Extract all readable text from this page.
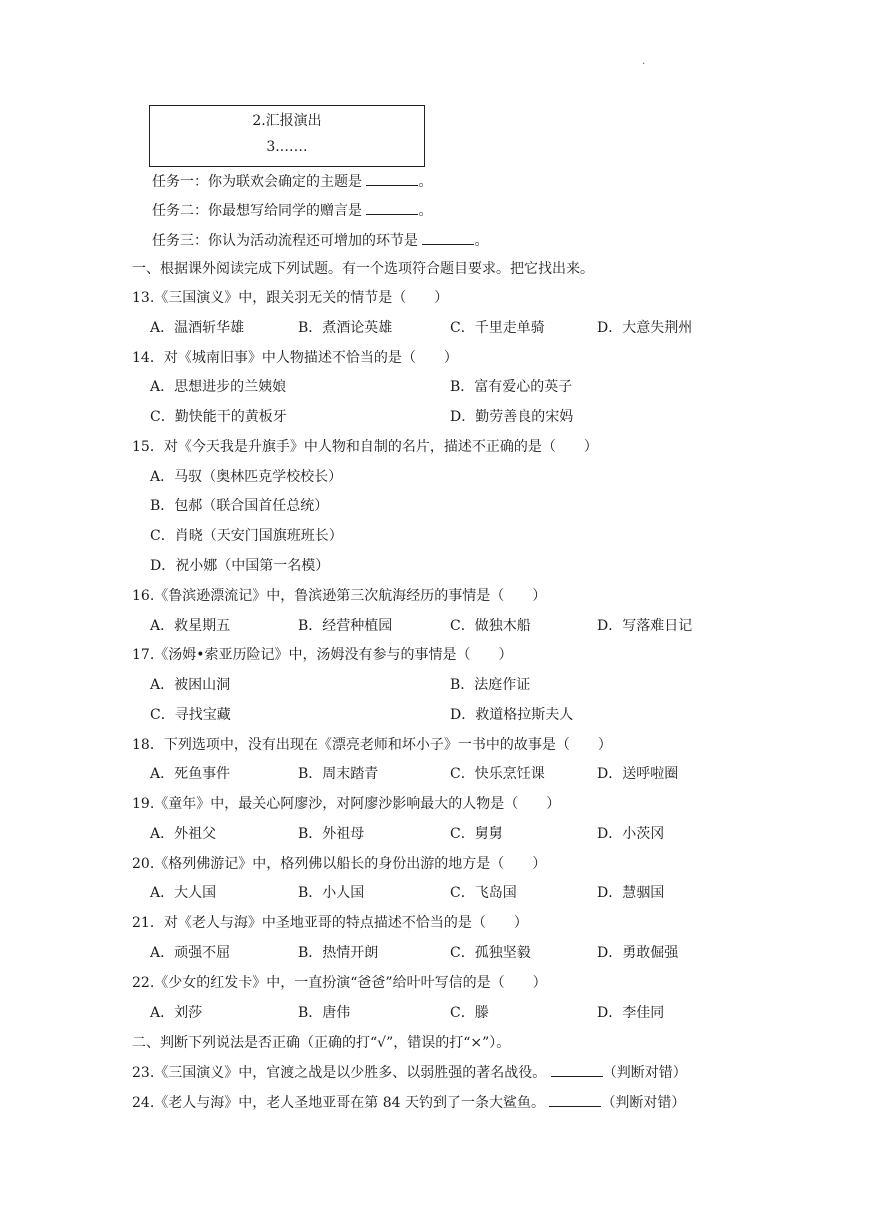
.
2.汇报演出
3.……
任务一：你为联欢会确定的主题是	。
任务二：你最想写给同学的赠言是	。
任务三：你认为活动流程还可增加的环节是	。
一、根据课外阅读完成下列试题。有一个选项符合题目要求。把它找出来。
13.《三国演义》中，跟关羽无关的情节是（　　）
A．温酒斩华雄	B．煮酒论英雄	C．千里走单骑	D．大意失荆州
14．对《城南旧事》中人物描述不恰当的是（　　）
A．思想进步的兰姨娘	B．富有爱心的英子
C．勤快能干的黄板牙	D．勤劳善良的宋妈
15．对《今天我是升旗手》中人物和自制的名片，描述不正确的是（　　）
A．马驭（奥林匹克学校校长）
B．包郝（联合国首任总统）
C．肖晓（天安门国旗班班长）
D．祝小娜（中国第一名模）
16.《鲁滨逊漂流记》中，鲁滨逊第三次航海经历的事情是（　　）
A．救星期五	B．经营种植园	C．做独木船	D．写落难日记
17.《汤姆•索亚历险记》中，汤姆没有参与的事情是（　　）
A．被困山洞	B．法庭作证
C．寻找宝藏	D．救道格拉斯夫人
18．下列选项中，没有出现在《漂亮老师和坏小子》一书中的故事是（　　）
A．死鱼事件	B．周末踏青	C．快乐烹饪课	D．送呼啦圈
19.《童年》中，最关心阿廖沙，对阿廖沙影响最大的人物是（　　）
A．外祖父	B．外祖母	C．舅舅	D．小茨冈
20.《格列佛游记》中，格列佛以船长的身份出游的地方是（　　）
A．大人国	B．小人国	C．飞岛国	D．慧骃国
21．对《老人与海》中圣地亚哥的特点描述不恰当的是（　　）
A．顽强不屈	B．热情开朗	C．孤独坚毅	D．勇敢倔强
22.《少女的红发卡》中，一直扮演“爸爸”给叶叶写信的是（　　）
A．刘莎	B．唐伟	C．滕	D．李佳同
二、判断下列说法是否正确（正确的打“√”，错误的打“×”）。
23.《三国演义》中，官渡之战是以少胜多、以弱胜强的著名战役。	（判断对错）
24.《老人与海》中，老人圣地亚哥在第 84 天钓到了一条大鲨鱼。	（判断对错）
